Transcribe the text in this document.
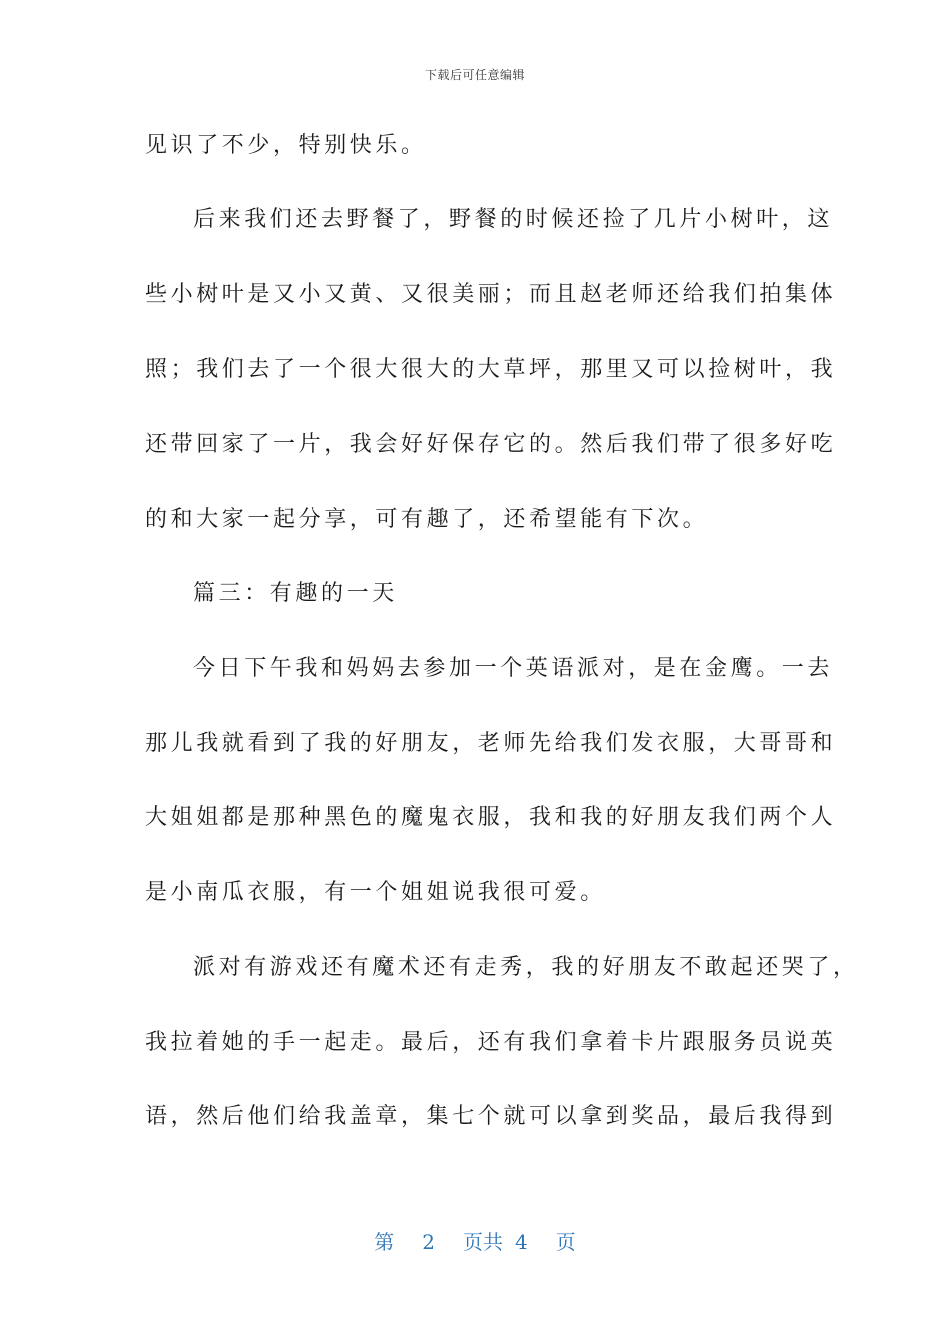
下载后可任意编辑
见识了不少，特别快乐。
后来我们还去野餐了，野餐的时候还捡了几片小树叶，这
些小树叶是又小又黄、又很美丽；而且赵老师还给我们拍集体
照；我们去了一个很大很大的大草坪，那里又可以捡树叶，我
还带回家了一片，我会好好保存它的。然后我们带了很多好吃
的和大家一起分享，可有趣了，还希望能有下次。
篇三：有趣的一天
今日下午我和妈妈去参加一个英语派对，是在金鹰。一去
那儿我就看到了我的好朋友，老师先给我们发衣服，大哥哥和
大姐姐都是那种黑色的魔鬼衣服，我和我的好朋友我们两个人
是小南瓜衣服，有一个姐姐说我很可爱。
派对有游戏还有魔术还有走秀，我的好朋友不敢起还哭了，
我拉着她的手一起走。最后，还有我们拿着卡片跟服务员说英
语，然后他们给我盖章，集七个就可以拿到奖品，最后我得到
第 2 页共 4 页
